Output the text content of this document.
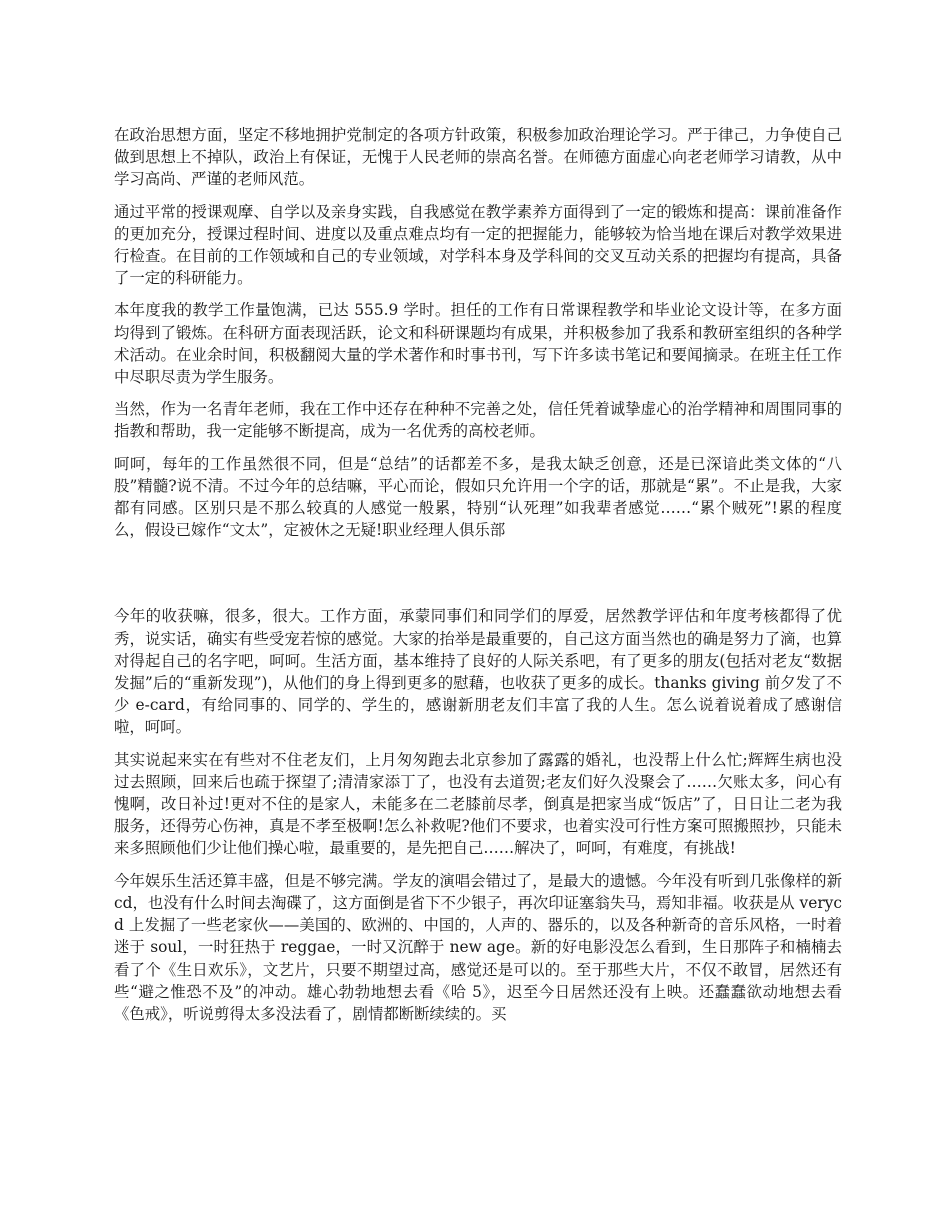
在政治思想方面，坚定不移地拥护党制定的各项方针政策，积极参加政治理论学习。严于律己，力争使自己做到思想上不掉队，政治上有保证，无愧于人民老师的崇高名誉。在师德方面虚心向老老师学习请教，从中学习高尚、严谨的老师风范。

通过平常的授课观摩、自学以及亲身实践，自我感觉在教学素养方面得到了一定的锻炼和提高：课前准备作的更加充分，授课过程时间、进度以及重点难点均有一定的把握能力，能够较为恰当地在课后对教学效果进行检查。在目前的工作领域和自己的专业领域，对学科本身及学科间的交叉互动关系的把握均有提高，具备了一定的科研能力。

本年度我的教学工作量饱满，已达 555.9 学时。担任的工作有日常课程教学和毕业论文设计等，在多方面均得到了锻炼。在科研方面表现活跃，论文和科研课题均有成果，并积极参加了我系和教研室组织的各种学术活动。在业余时间，积极翻阅大量的学术著作和时事书刊，写下许多读书笔记和要闻摘录。在班主任工作中尽职尽责为学生服务。

当然，作为一名青年老师，我在工作中还存在种种不完善之处，信任凭着诚挚虚心的治学精神和周围同事的指教和帮助，我一定能够不断提高，成为一名优秀的高校老师。

呵呵，每年的工作虽然很不同，但是“总结”的话都差不多，是我太缺乏创意，还是已深谙此类文体的“八股”精髓?说不清。不过今年的总结嘛，平心而论，假如只允许用一个字的话，那就是“累”。不止是我，大家都有同感。区别只是不那么较真的人感觉一般累，特别“认死理”如我辈者感觉……“累个贼死”!累的程度么，假设已嫁作“文太”，定被休之无疑!职业经理人俱乐部

今年的收获嘛，很多，很大。工作方面，承蒙同事们和同学们的厚爱，居然教学评估和年度考核都得了优秀，说实话，确实有些受宠若惊的感觉。大家的抬举是最重要的，自己这方面当然也的确是努力了滴，也算对得起自己的名字吧，呵呵。生活方面，基本维持了良好的人际关系吧，有了更多的朋友(包括对老友“数据发掘”后的“重新发现”)，从他们的身上得到更多的慰藉，也收获了更多的成长。thanks giving 前夕发了不少 e-card，有给同事的、同学的、学生的，感谢新朋老友们丰富了我的人生。怎么说着说着成了感谢信啦，呵呵。

其实说起来实在有些对不住老友们，上月匆匆跑去北京参加了露露的婚礼，也没帮上什么忙;辉辉生病也没过去照顾，回来后也疏于探望了;清清家添丁了，也没有去道贺;老友们好久没聚会了……欠账太多，问心有愧啊，改日补过!更对不住的是家人，未能多在二老膝前尽孝，倒真是把家当成“饭店”了，日日让二老为我服务，还得劳心伤神，真是不孝至极啊!怎么补救呢?他们不要求，也着实没可行性方案可照搬照抄，只能未来多照顾他们少让他们操心啦，最重要的，是先把自己……解决了，呵呵，有难度，有挑战!

今年娱乐生活还算丰盛，但是不够完满。学友的演唱会错过了，是最大的遗憾。今年没有听到几张像样的新 cd，也没有什么时间去淘碟了，这方面倒是省下不少银子，再次印证塞翁失马，焉知非福。收获是从 verycd 上发掘了一些老家伙——美国的、欧洲的、中国的，人声的、器乐的，以及各种新奇的音乐风格，一时着迷于 soul，一时狂热于 reggae，一时又沉醉于 new age。新的好电影没怎么看到，生日那阵子和楠楠去看了个《生日欢乐》，文艺片，只要不期望过高，感觉还是可以的。至于那些大片，不仅不敢冒，居然还有些“避之惟恐不及”的冲动。雄心勃勃地想去看《哈 5》，迟至今日居然还没有上映。还蠢蠢欲动地想去看《色戒》，听说剪得太多没法看了，剧情都断断续续的。买
